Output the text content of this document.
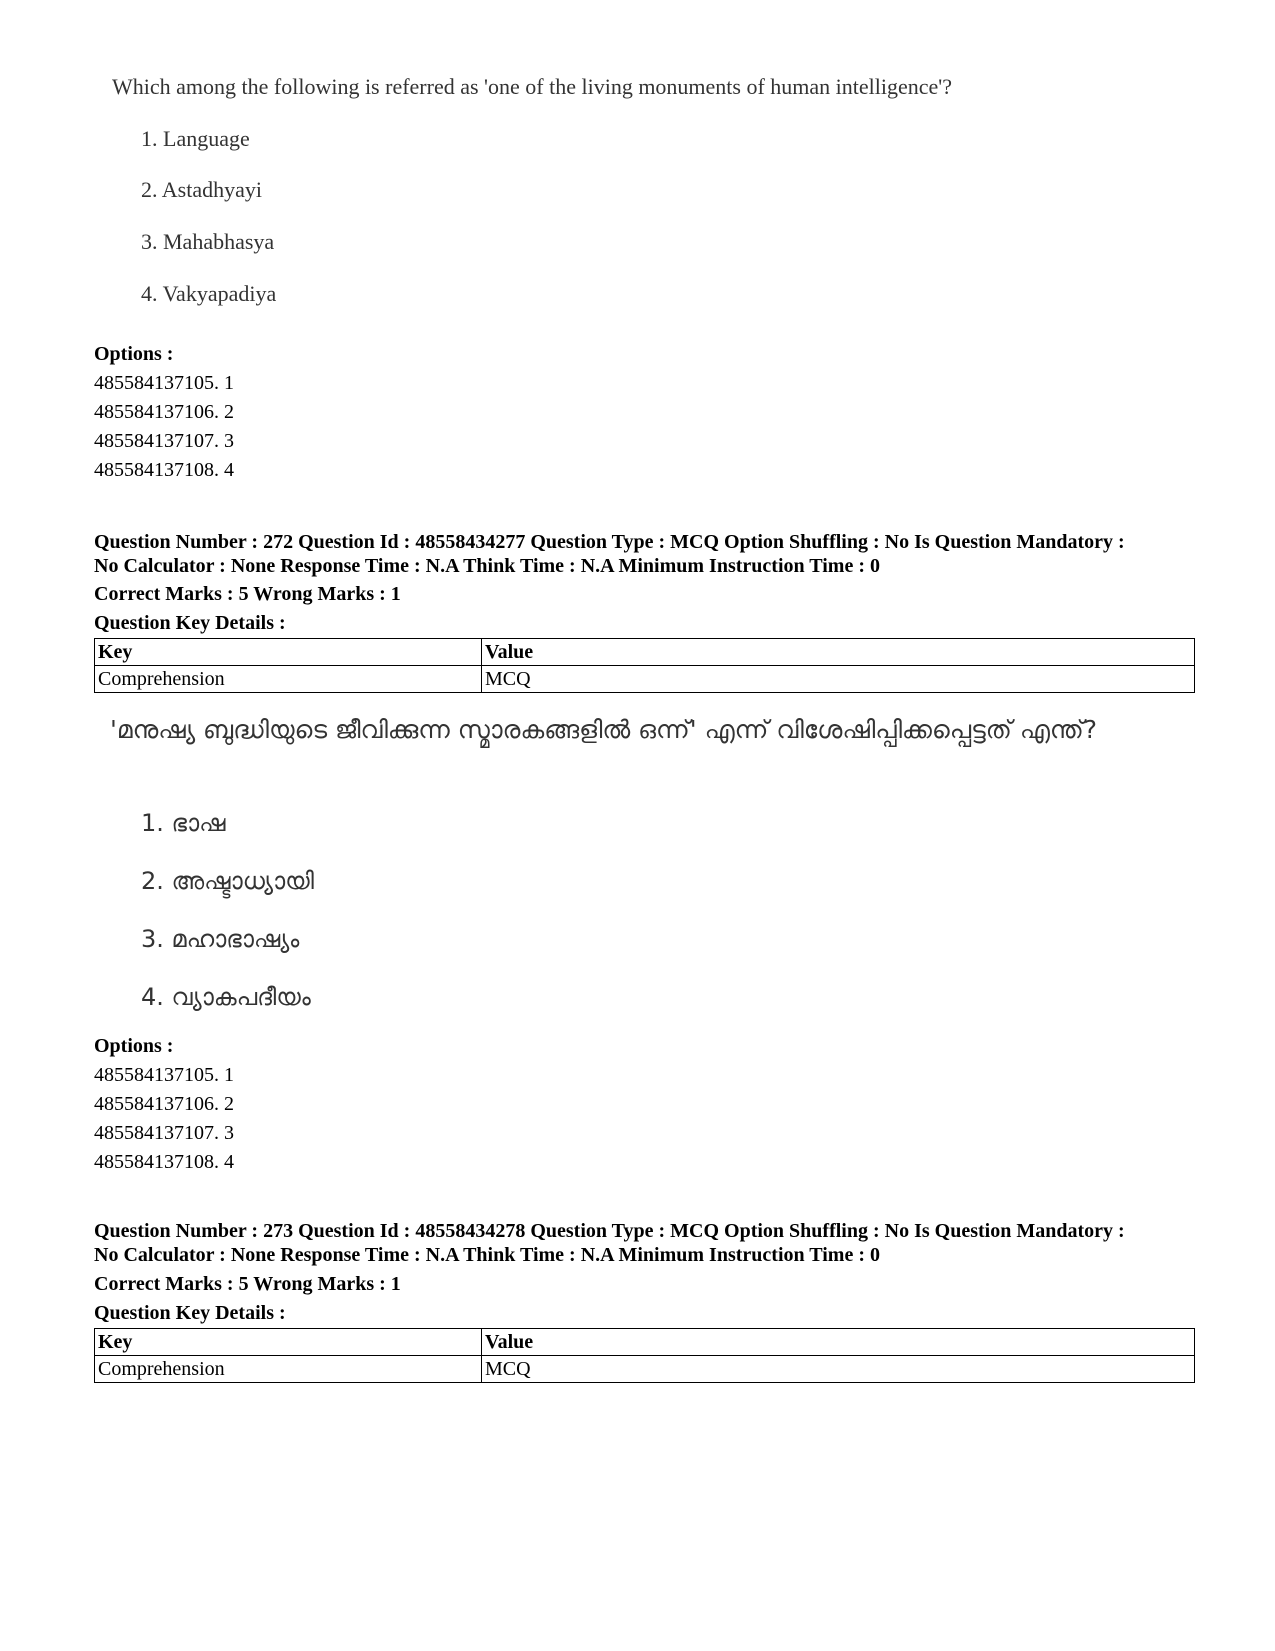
Which among the following is referred as 'one of the living monuments of human intelligence'?

1. Language

2. Astadhyayi

3. Mahabhasya

4. Vakyapadiya

Options :
485584137105. 1
485584137106. 2
485584137107. 3
485584137108. 4
Question Number : 272 Question Id : 48558434277 Question Type : MCQ Option Shuffling : No Is Question Mandatory :
No Calculator : None Response Time : N.A Think Time : N.A Minimum Instruction Time : 0
Correct Marks : 5 Wrong Marks : 1
Question Key Details :
Key	Value
Comprehension	MCQ

'മനുഷ്യ ബുദ്ധിയുടെ ജീവിക്കുന്ന സ്മാരകങ്ങളിൽ ഒന്ന്' എന്ന് വിശേഷിപ്പിക്കപ്പെട്ടത് എന്ത്?

1. ഭാഷ

2. അഷ്ടാധ്യായി

3. മഹാഭാഷ്യം

4. വ്യാകപദീയം

Options :
485584137105. 1
485584137106. 2
485584137107. 3
485584137108. 4
Question Number : 273 Question Id : 48558434278 Question Type : MCQ Option Shuffling : No Is Question Mandatory :
No Calculator : None Response Time : N.A Think Time : N.A Minimum Instruction Time : 0
Correct Marks : 5 Wrong Marks : 1
Question Key Details :
Key	Value
Comprehension	MCQ
